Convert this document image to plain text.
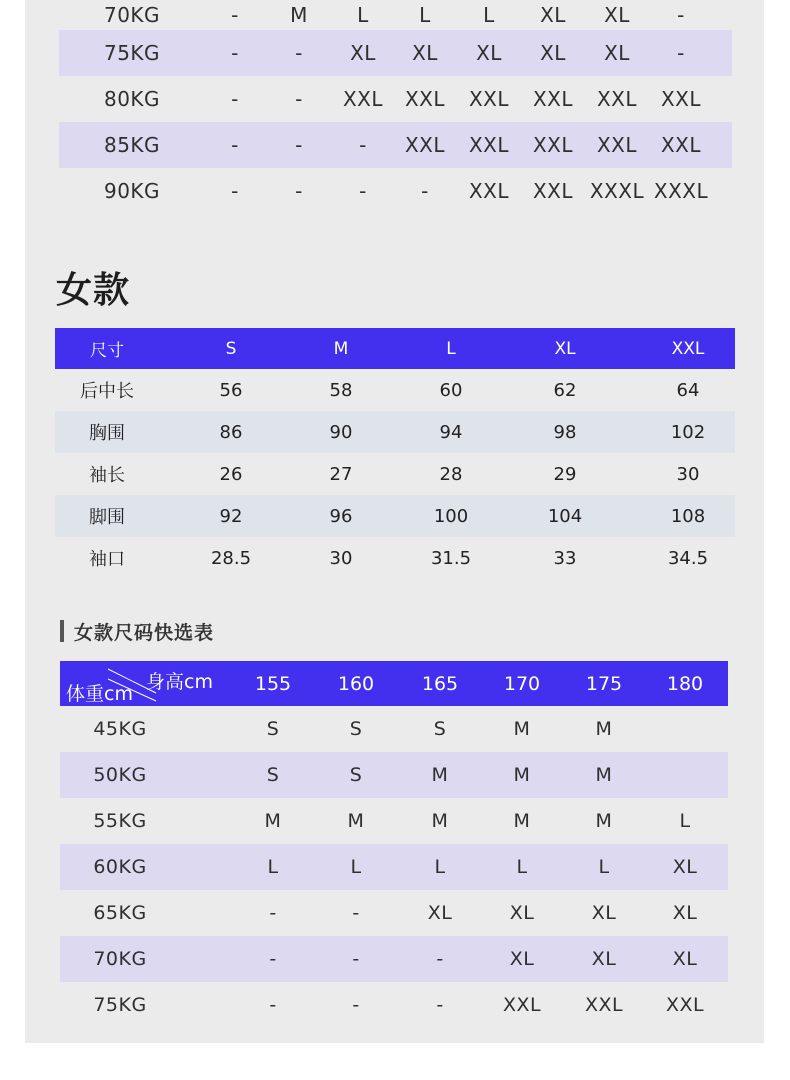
70KG	-	M	L	L	L	XL	XL	-
75KG	-	-	XL	XL	XL	XL	XL	-
80KG	-	-	XXL	XXL	XXL	XXL	XXL	XXL
85KG	-	-	-	XXL	XXL	XXL	XXL	XXL
90KG	-	-	-	-	XXL	XXL XXXL XXXL
女款
尺寸	S	M	L	XL	XXL
后中长	56	58	60	62	64
胸围	86	90	94	98	102
袖长	26	27	28	29	30
脚围	92	96	100	104	108
袖口	28.5	30	31.5	33	34.5
女款尺码快选表
身高cm
体重cm	155	160	165	170	175	180
45KG	S	S	S	M	M
50KG	S	S	M	M	M
55KG	M	M	M	M	M	L
60KG	L	L	L	L	L	XL
65KG	-	-	XL	XL	XL	XL
70KG	-	-	-	XL	XL	XL
75KG	-	-	-	XXL	XXL	XXL
